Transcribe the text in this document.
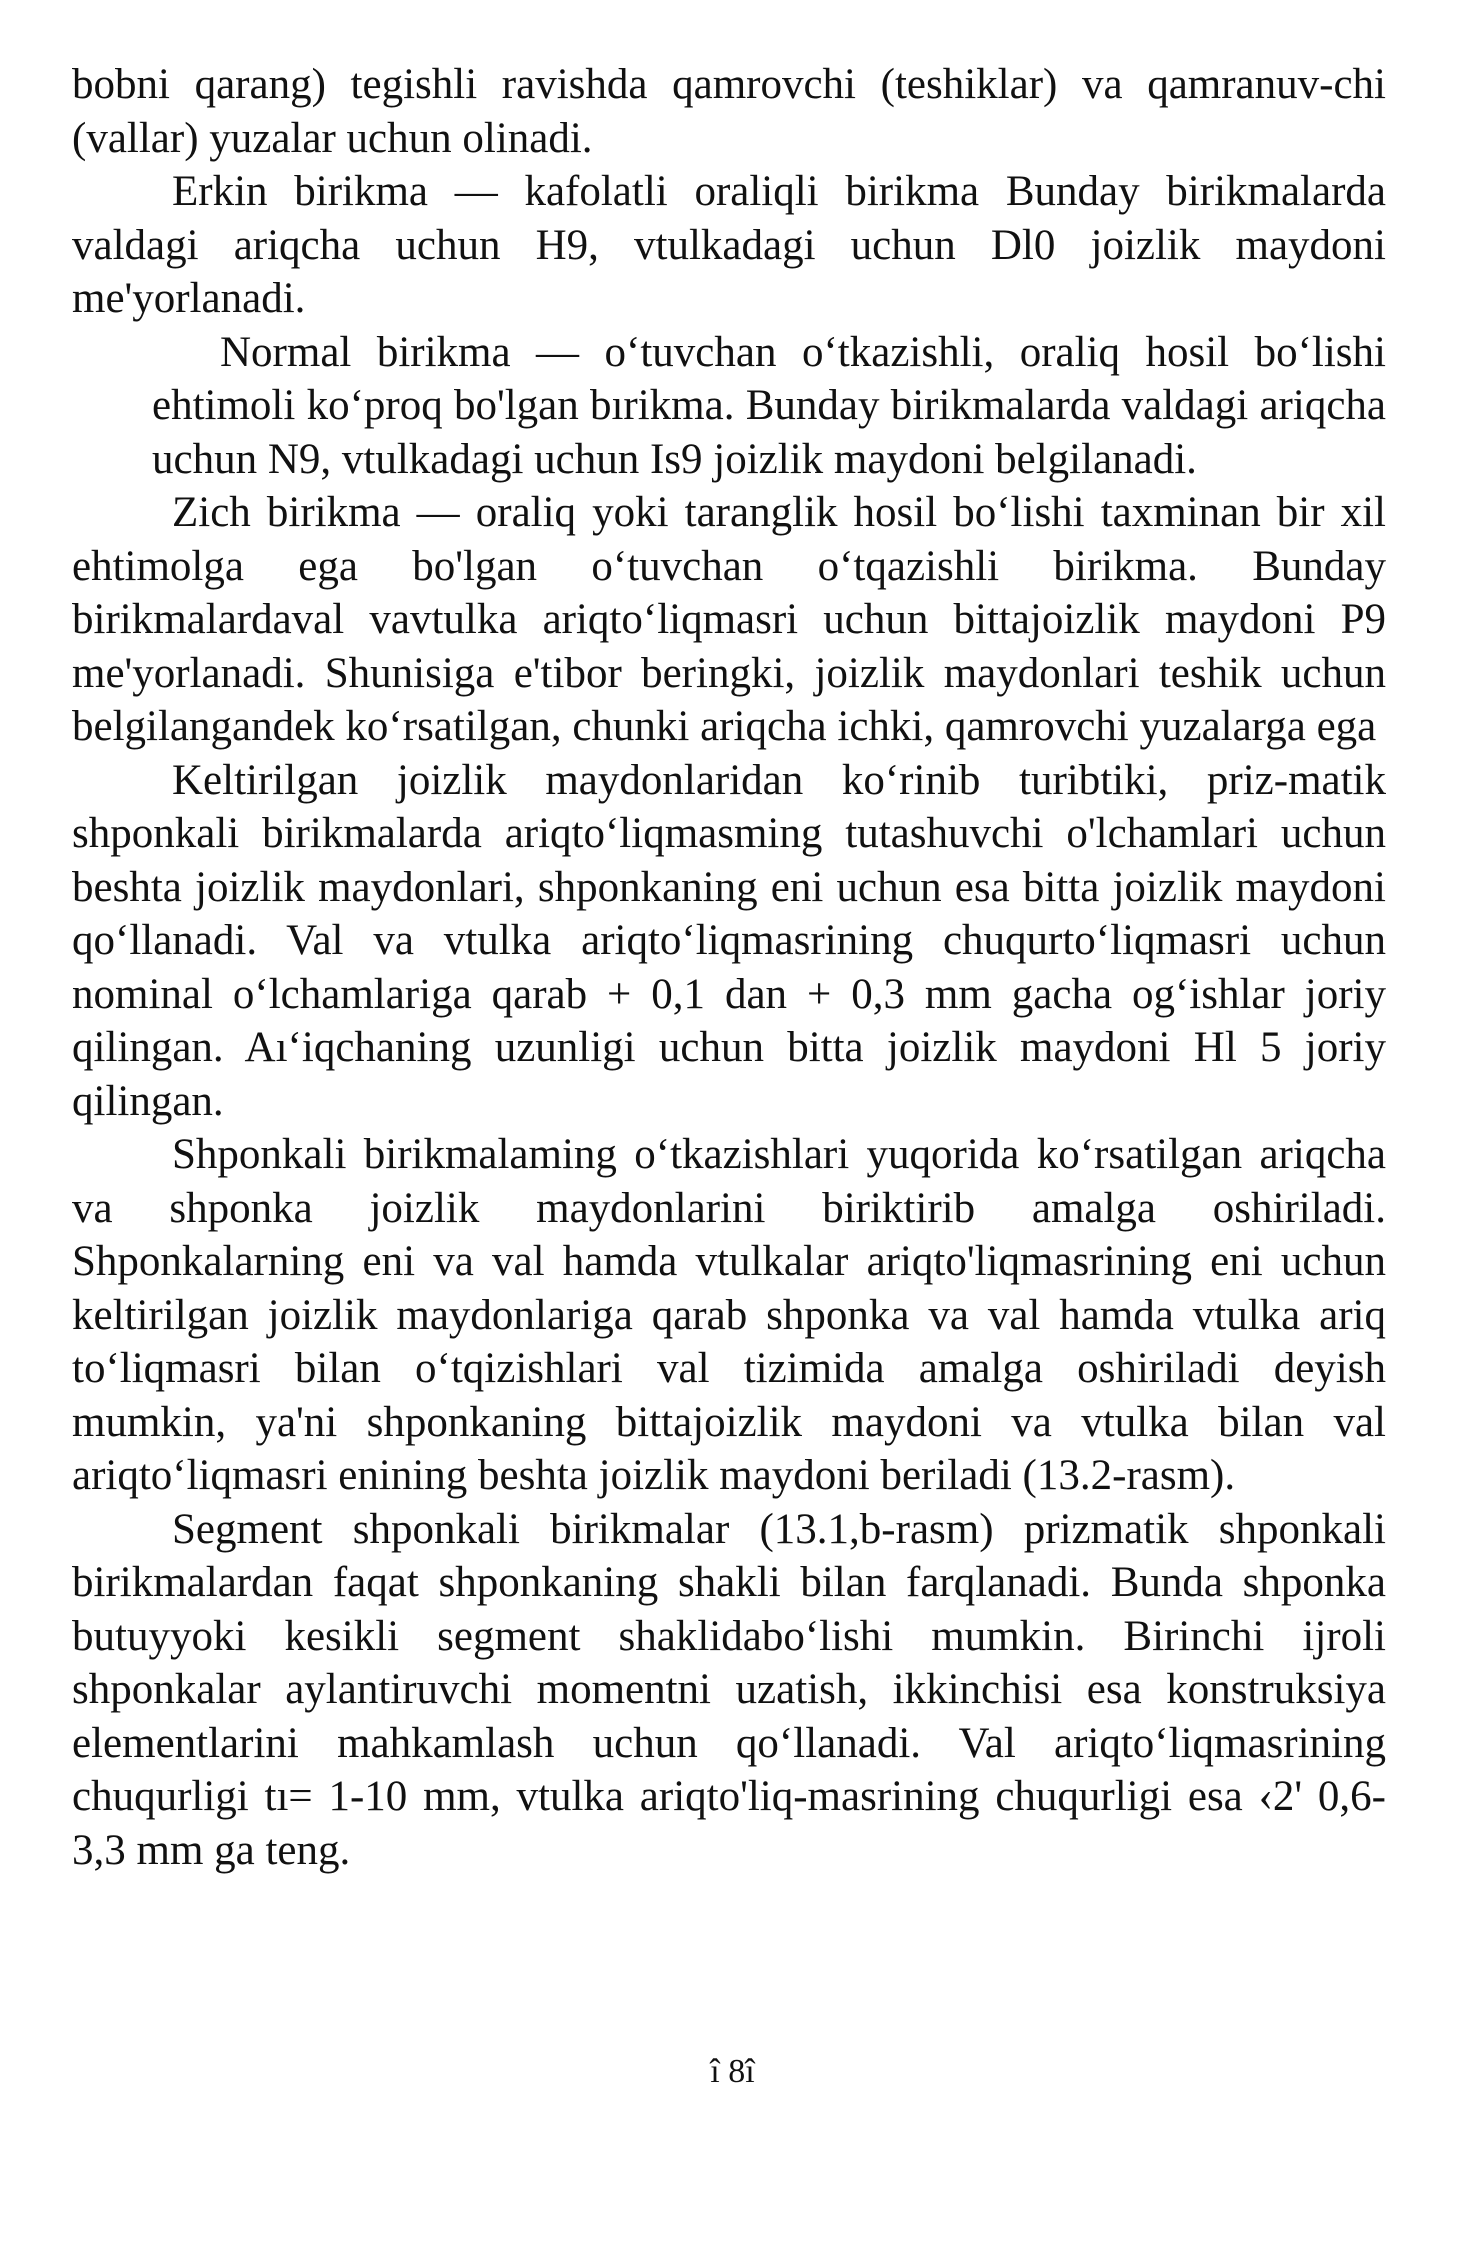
bobni qarang) tegishli ravishda qamrovchi (teshiklar) va qamranuv-chi (vallar) yuzalar uchun olinadi.

Erkin birikma — kafolatli oraliqli birikma Bunday birikmalarda valdagi ariqcha uchun H9, vtulkadagi uchun Dl0 joizlik maydoni me'yorlanadi.

Normal birikma — o‘tuvchan o‘tkazishli, oraliq hosil bo‘lishi ehtimoli ko‘proq bo'lgan bırikma. Bunday birikmalarda valdagi ariqcha uchun N9, vtulkadagi uchun Is9 joizlik maydoni belgilanadi.

Zich birikma — oraliq yoki taranglik hosil bo‘lishi taxminan bir xil ehtimolga ega bo'lgan o‘tuvchan o‘tqazishli birikma. Bunday birikmalardaval vavtulka ariqto‘liqmasri uchun bittajoizlik maydoni P9 me'yorlanadi. Shunisiga e'tibor beringki, joizlik maydonlari teshik uchun belgilangandek ko‘rsatilgan, chunki ariqcha ichki, qamrovchi yuzalarga ega

Keltirilgan joizlik maydonlaridan ko‘rinib turibtiki, priz-matik shponkali birikmalarda ariqto‘liqmasming tutashuvchi o'lchamlari uchun beshta joizlik maydonlari, shponkaning eni uchun esa bitta joizlik maydoni qo‘llanadi. Val va vtulka ariqto‘liqmasrining chuqurto‘liqmasri uchun nominal o‘lchamlariga qarab + 0,1 dan + 0,3 mm gacha og‘ishlar joriy qilingan. Aı‘iqchaning uzunligi uchun bitta joizlik maydoni Hl 5 joriy qilingan.

Shponkali birikmalaming o‘tkazishlari yuqorida ko‘rsatilgan ariqcha va shponka joizlik maydonlarini biriktirib amalga oshiriladi. Shponkalarning eni va val hamda vtulkalar ariqto'liqmasrining eni uchun keltirilgan joizlik maydonlariga qarab shponka va val hamda vtulka ariq to‘liqmasri bilan o‘tqizishlari val tizimida amalga oshiriladi deyish mumkin, ya'ni shponkaning bittajoizlik maydoni va vtulka bilan val ariqto‘liqmasri enining beshta joizlik maydoni beriladi (13.2-rasm).

Segment shponkali birikmalar (13.1,b-rasm) prizmatik shponkali birikmalardan faqat shponkaning shakli bilan farqlanadi. Bunda shponka butuyyoki kesikli segment shaklidabo‘lishi mumkin. Birinchi ijroli shponkalar aylantiruvchi momentni uzatish, ikkinchisi esa konstruksiya elementlarini mahkamlash uchun qo‘llanadi. Val ariqto‘liqmasrining chuqurligi tı= 1-10 mm, vtulka ariqto'liq-masrining chuqurligi esa ‹2' 0,6-3,3 mm ga teng.

î 8î
